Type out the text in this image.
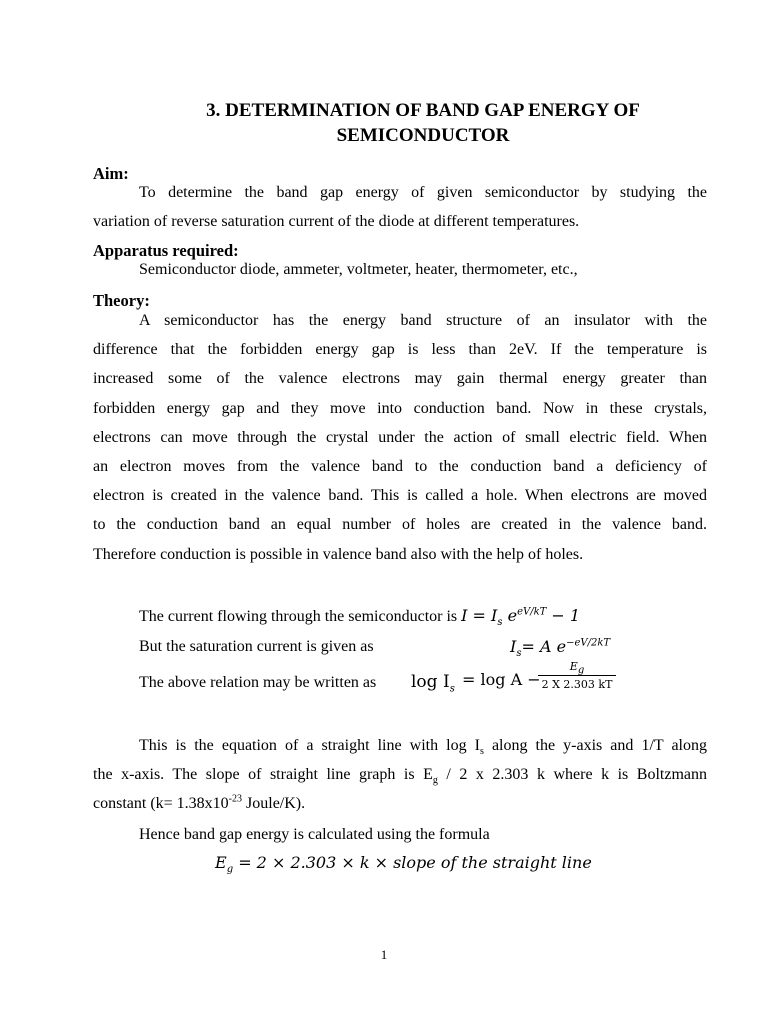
3. DETERMINATION OF BAND GAP ENERGY OF
SEMICONDUCTOR
Aim:
To determine the band gap energy of given semiconductor by studying the
variation of reverse saturation current of the diode at different temperatures.
Apparatus required:
Semiconductor diode, ammeter, voltmeter, heater, thermometer, etc.,
Theory:
A semiconductor has the energy band structure of an insulator with the
difference that the forbidden energy gap is less than 2eV. If the temperature is
increased some of the valence electrons may gain thermal energy greater than
forbidden energy gap and they move into conduction band. Now in these crystals,
electrons can move through the crystal under the action of small electric field. When
an electron moves from the valence band to the conduction band a deficiency of
electron is created in the valence band. This is called a hole. When electrons are moved
to the conduction band an equal number of holes are created in the valence band.
Therefore conduction is possible in valence band also with the help of holes.
The current flowing through the semiconductor is $I = I_s$ $e^{eV/kT} - 1$
But the saturation current is given as	$I_s= A$ $e^{-eV/2kT}$
The above relation may be written as $\log I_s = \log A$ −
$E_g$
2 X 2.303 kT
This is the equation of a straight line with $\log I_s$ along the y-axis and 1/T along
the x-axis. The slope of straight line graph is $E_g / 2$ x 2.303 k where k is Boltzmann
constant ($k= 1.38x10^{-23}$ Joule/K).
Hence band gap energy is calculated using the formula
$E_g = 2 \times 2.303 \times k$ × slope of the straight line
1
